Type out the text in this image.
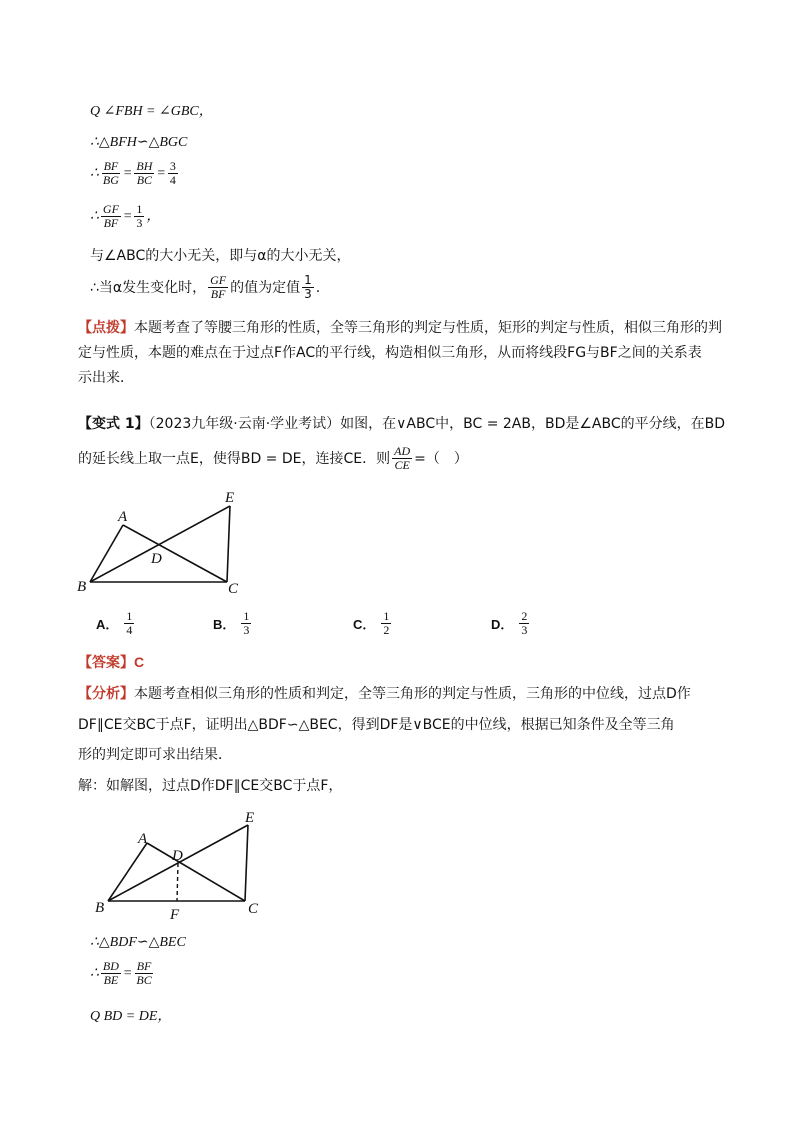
Q ∠FBH = ∠GBC，
∴△BFH∽△BGC
∴ $\frac{BF}{BG} = \frac{BH}{BC} = \frac{3}{4}$
∴ $\frac{GF}{BF} = \frac{1}{3}$ ，
与∠ABC的大小无关，即与α的大小无关，
∴当α发生变化时， $\frac{GF}{BF}$ 的值为定值 $\frac{1}{3}$ .
【点拨】本题考查了等腰三角形的性质，全等三角形的判定与性质，矩形的判定与性质，相似三角形的判
定与性质，本题的难点在于过点F作AC的平行线，构造相似三角形，从而将线段FG与BF之间的关系表
示出来．
【变式 1】（2023九年级·云南·学业考试）如图，在∨ABC中，BC = 2AB，BD是∠ABC的平分线，在BD
的延长线上取一点E，使得BD = DE，连接CE．则 $\frac{AD}{CE}$ =（　）
A
B	C
D
E
A． $\frac{1}{4}$	B． $\frac{1}{3}$	C． $\frac{1}{2}$	D． $\frac{2}{3}$
【答案】C
【分析】本题考查相似三角形的性质和判定，全等三角形的判定与性质，三角形的中位线，过点D作
DF∥CE交BC于点F，证明出△BDF∽△BEC，得到DF是∨BCE的中位线，根据已知条件及全等三角
形的判定即可求出结果．
解：如解图，过点D作DF∥CE交BC于点F，
A
B	C
D
E
F
∴△BDF∽△BEC
∴ $\frac{BD}{BE} = \frac{BF}{BC}$
Q BD = DE，
